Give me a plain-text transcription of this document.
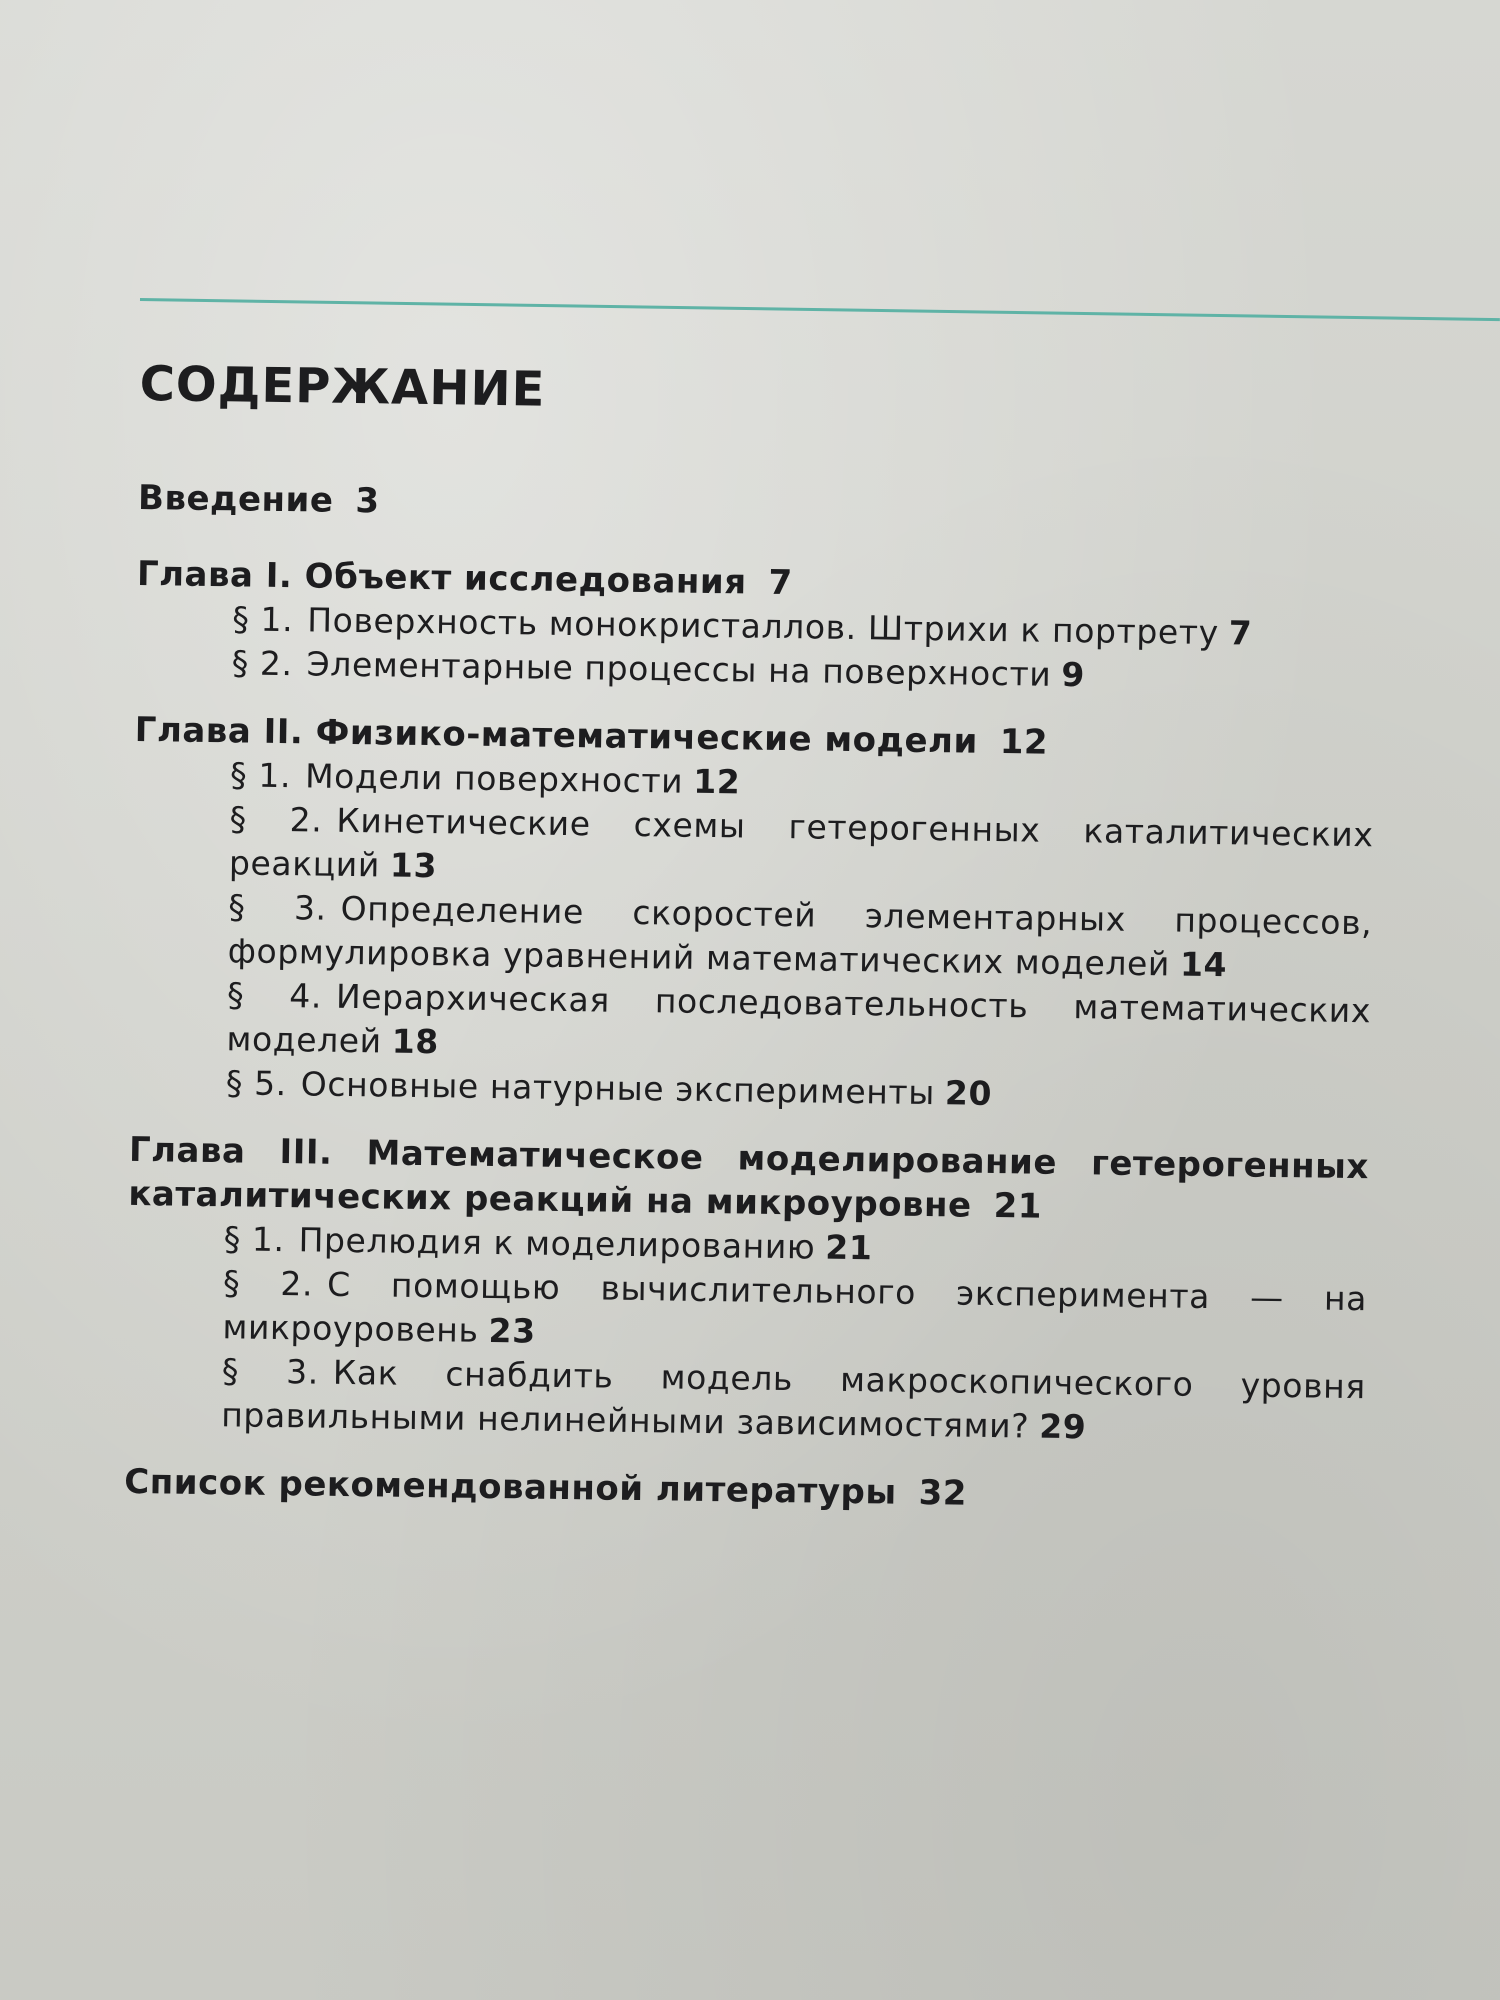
СОДЕРЖАНИЕ
Введение 3
Глава I. Объект исследования 7
§ 1. Поверхность монокристаллов. Штрихи к портрету 7
§ 2. Элементарные процессы на поверхности 9
Глава II. Физико-математические модели 12
§ 1. Модели поверхности 12
§ 2. Кинетические схемы гетерогенных каталитических реакций 13
§ 3. Определение скоростей элементарных процессов, формулировка уравнений математических моделей 14
§ 4. Иерархическая последовательность математических моделей 18
§ 5. Основные натурные эксперименты 20
Глава III. Математическое моделирование гетерогенных каталитических реакций на микроуровне 21
§ 1. Прелюдия к моделированию 21
§ 2. С помощью вычислительного эксперимента — на микроуровень 23
§ 3. Как снабдить модель макроскопического уровня правильными нелинейными зависимостями? 29
Список рекомендованной литературы 32
